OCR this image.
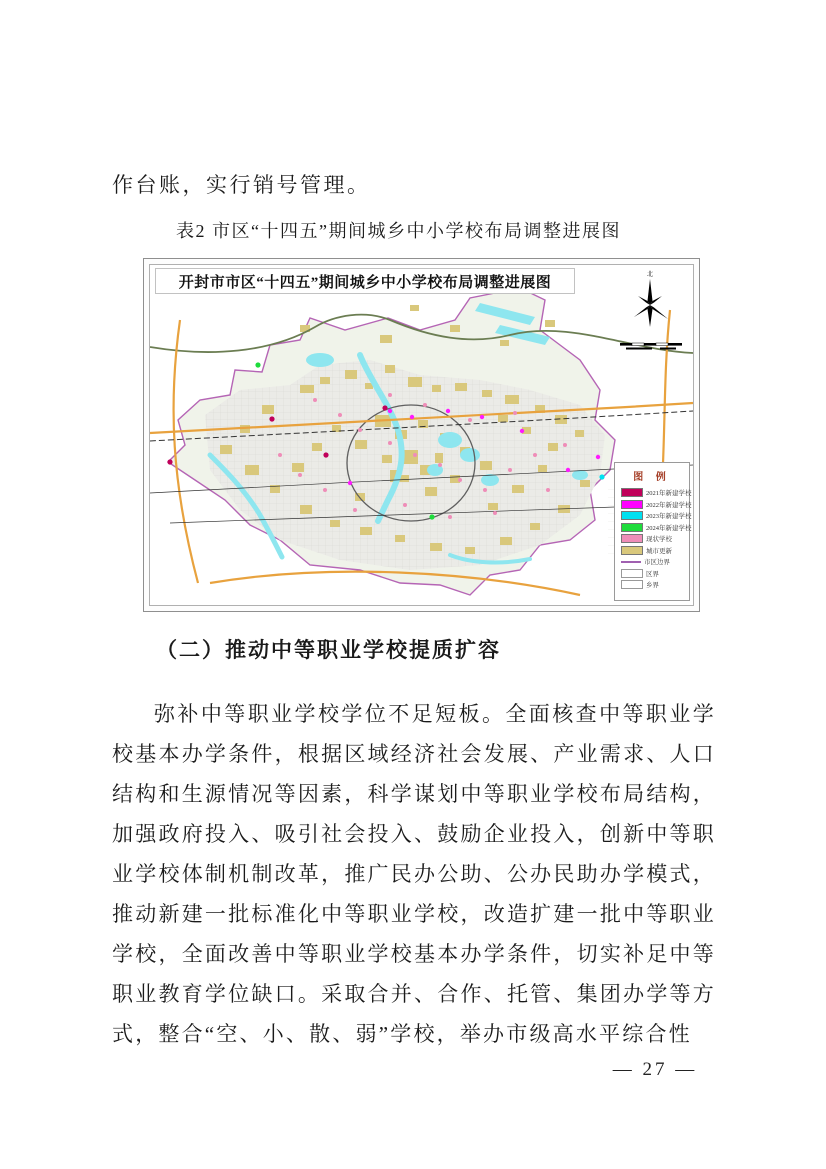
作台账，实行销号管理。

表2 市区“十四五”期间城乡中小学校布局调整进展图

北
开封市市区“十四五”期间城乡中小学校布局调整进展图
图 例
2021年新建学校
2022年新建学校
2023年新建学校
2024年新建学校
现状学校
城市更新
市区边界
区界
乡界
（二）推动中等职业学校提质扩容

弥补中等职业学校学位不足短板。全面核查中等职业学校基本办学条件，根据区域经济社会发展、产业需求、人口结构和生源情况等因素，科学谋划中等职业学校布局结构，加强政府投入、吸引社会投入、鼓励企业投入，创新中等职业学校体制机制改革，推广民办公助、公办民助办学模式，推动新建一批标准化中等职业学校，改造扩建一批中等职业学校，全面改善中等职业学校基本办学条件，切实补足中等职业教育学位缺口。采取合并、合作、托管、集团办学等方式，整合“空、小、散、弱”学校，举办市级高水平综合性

— 27 —
